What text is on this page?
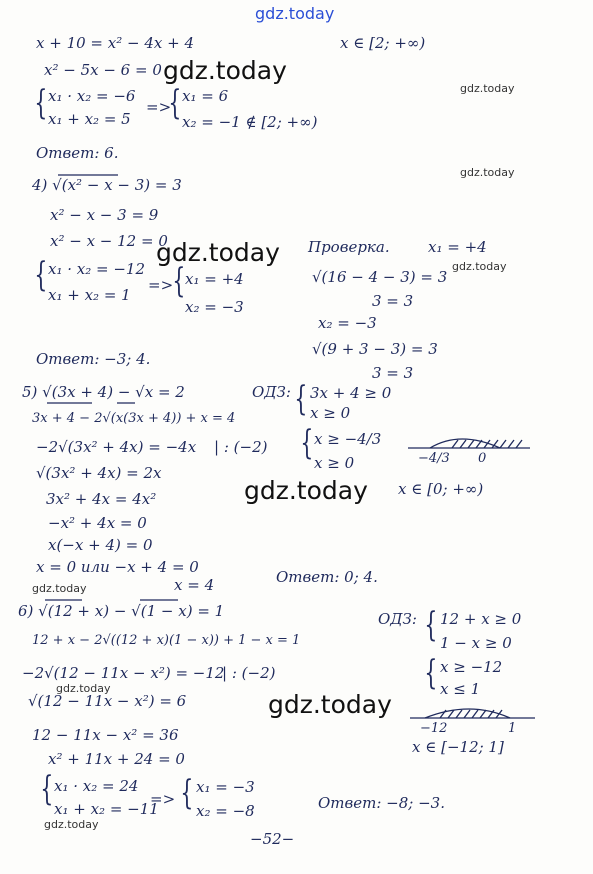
x + 10 = x² − 4x + 4	x ∈ [2; +∞)
x² − 5x − 6 = 0
{ x₁ · x₂ = −6
x₁ + x₂ = 5
=>
{ x₁ = 6
x₂ = −1 ∉ [2; +∞)
Ответ: 6.
4) √(x² − x − 3) = 3
x² − x − 3 = 9
x² − x − 12 = 0	Проверка.	x₁ = +4
{ x₁ · x₂ = −12
x₁ + x₂ = 1
=> { x₁ = +4
x₂ = −3
√(16 − 4 − 3) = 3
3 = 3
x₂ = −3
√(9 + 3 − 3) = 3
3 = 3
Ответ: −3; 4.
5) √(3x + 4) − √x = 2	ОДЗ: { 3x + 4 ≥ 0
x ≥ 0
3x + 4 − 2√(x(3x + 4)) + x = 4
−2√(3x² + 4x) = −4x | : (−2) { x ≥ −4/3
x ≥ 0
√(3x² + 4x) = 2x
−4/3 0
3x² + 4x = 4x²
x ∈ [0; +∞)
−x² + 4x = 0
x(−x + 4) = 0
x = 0 или −x + 4 = 0
x = 4	Ответ: 0; 4.
6) √(12 + x) − √(1 − x) = 1	ОДЗ: { 12 + x ≥ 0
1 − x ≥ 0
12 + x − 2√((12 + x)(1 − x)) + 1 − x = 1
−2√(12 − 11x − x²) = −12
| : (−2)	{ x ≥ −12
x ≤ 1
√(12 − 11x − x²) = 6
−12	1
12 − 11x − x² = 36
x ∈ [−12; 1]
x² + 11x + 24 = 0
{ x₁ · x₂ = 24
x₁ + x₂ = −11
=> { x₁ = −3
x₂ = −8	Ответ: −8; −3.
−52−
gdz.today
gdz.today
gdz.today
gdz.today
gdz.today
gdz.today
gdz.today
gdz.today
gdz.today
gdz.today
gdz.today
